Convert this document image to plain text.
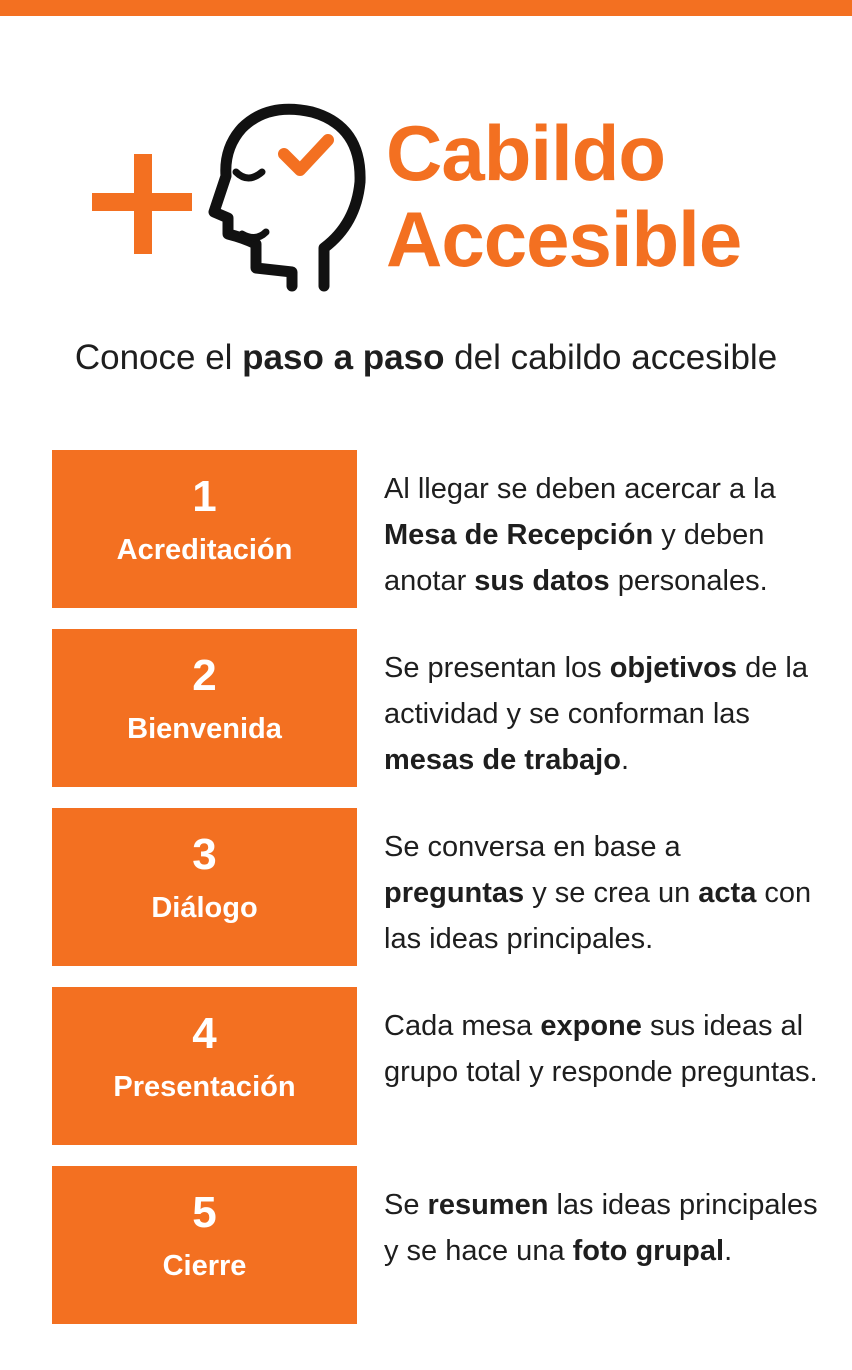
Cabildo
Accesible
Conoce el paso a paso del cabildo accesible
1
Acreditación
Al llegar se deben acercar a la Mesa de Recepción y deben anotar sus datos personales.
2
Bienvenida
Se presentan los objetivos de la actividad y se conforman las mesas de trabajo.
3
Diálogo
Se conversa en base a preguntas y se crea un acta con las ideas principales.
4
Presentación
Cada mesa expone sus ideas al grupo total y responde preguntas.
5
Cierre
Se resumen las ideas principales y se hace una foto grupal.
